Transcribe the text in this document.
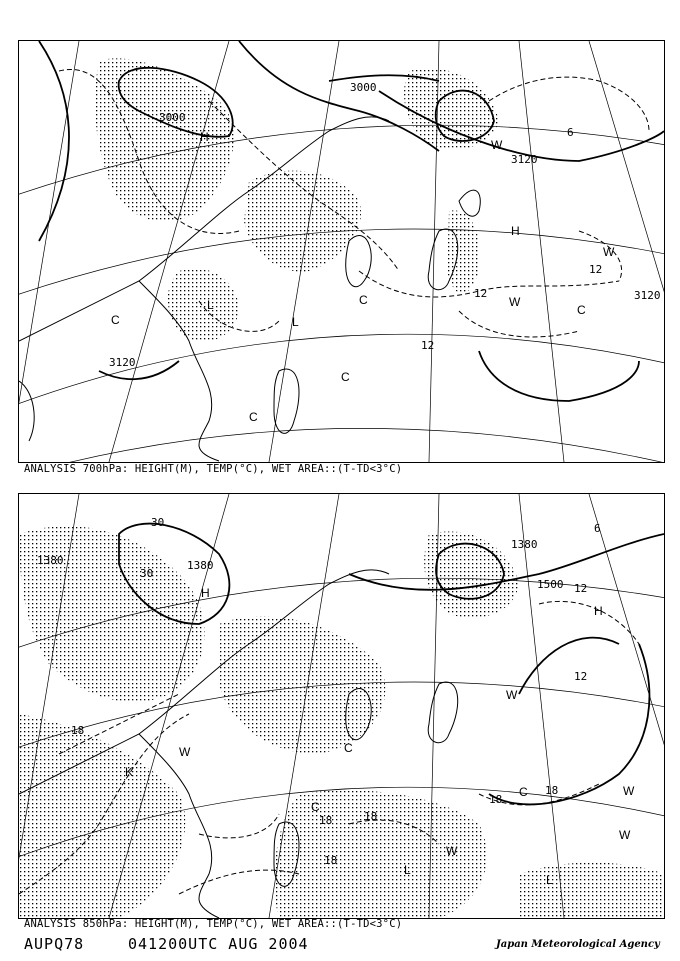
3000
3000
3120
3120
3120
12
12
12
6
H
H
W
W
W
C
C
C
C
C
L
L
ANALYSIS 700hPa: HEIGHT(M), TEMP(°C), WET AREA::(T-TD<3°C)
1380	1380
1380
1500
30
30
18
18
18
18
18
18
12
12
6
H
H
W
W
W
W
W
C
C
C
L
L
K
ANALYSIS 850hPa: HEIGHT(M), TEMP(°C), WET AREA::(T-TD<3°C)
AUPQ78	041200UTC AUG 2004	Japan Meteorological Agency
